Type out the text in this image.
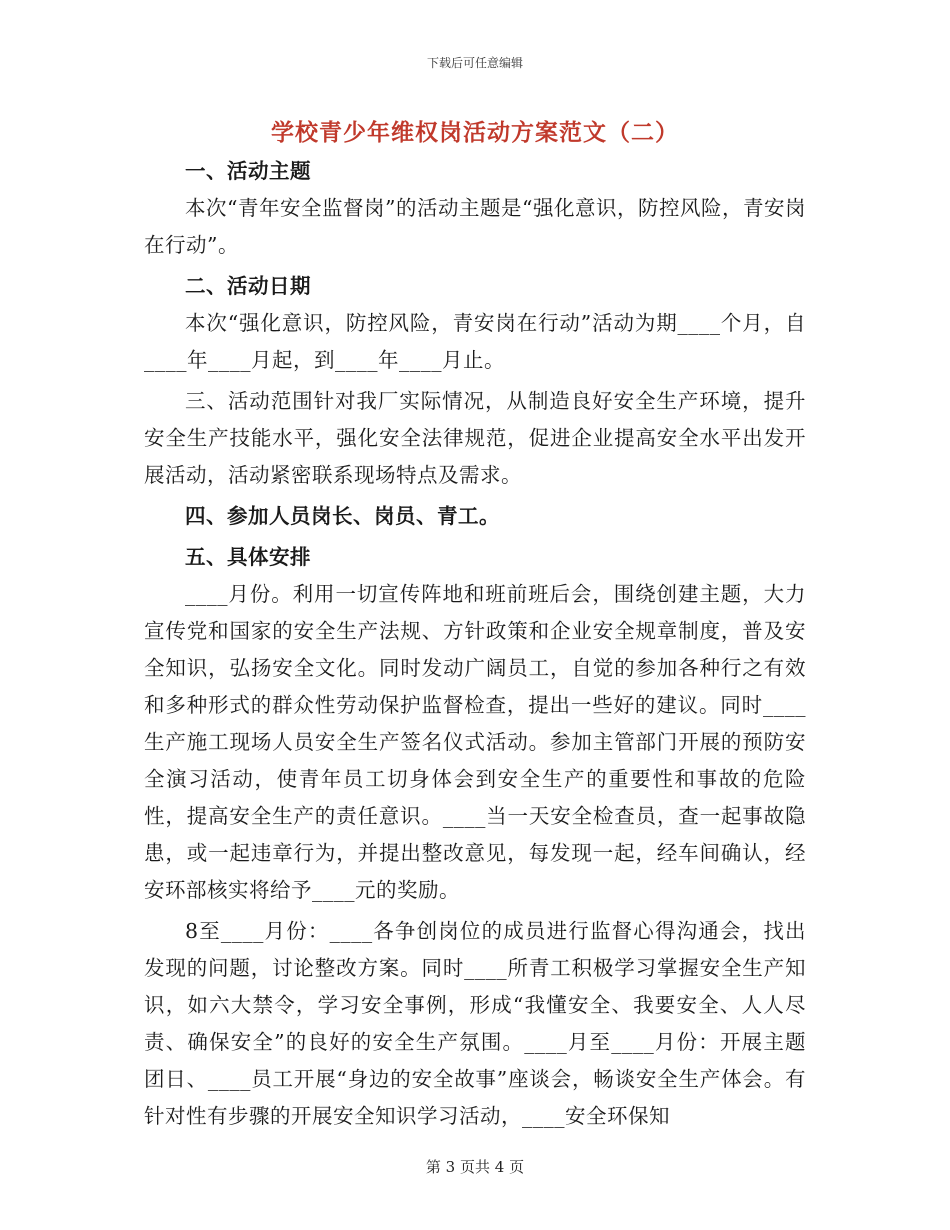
下载后可任意编辑
学校青少年维权岗活动方案范文（二）

一、活动主题

本次“青年安全监督岗”的活动主题是“强化意识，防控风险，青安岗在行动”。

二、活动日期

本次“强化意识，防控风险，青安岗在行动”活动为期____个月，自____年____月起，到____年____月止。

三、活动范围针对我厂实际情况，从制造良好安全生产环境，提升安全生产技能水平，强化安全法律规范，促进企业提高安全水平出发开展活动，活动紧密联系现场特点及需求。

四、参加人员岗长、岗员、青工。

五、具体安排

____月份。利用一切宣传阵地和班前班后会，围绕创建主题，大力宣传党和国家的安全生产法规、方针政策和企业安全规章制度，普及安全知识，弘扬安全文化。同时发动广阔员工，自觉的参加各种行之有效和多种形式的群众性劳动保护监督检查，提出一些好的建议。同时____生产施工现场人员安全生产签名仪式活动。参加主管部门开展的预防安全演习活动，使青年员工切身体会到安全生产的重要性和事故的危险性，提高安全生产的责任意识。____当一天安全检查员，查一起事故隐患，或一起违章行为，并提出整改意见，每发现一起，经车间确认，经安环部核实将给予____元的奖励。

8至____月份：____各争创岗位的成员进行监督心得沟通会，找出发现的问题，讨论整改方案。同时____所青工积极学习掌握安全生产知识，如六大禁令，学习安全事例，形成“我懂安全、我要安全、人人尽责、确保安全”的良好的安全生产氛围。____月至____月份：开展主题团日、____员工开展“身边的安全故事”座谈会，畅谈安全生产体会。有针对性有步骤的开展安全知识学习活动，____安全环保知

第 3 页共 4 页
